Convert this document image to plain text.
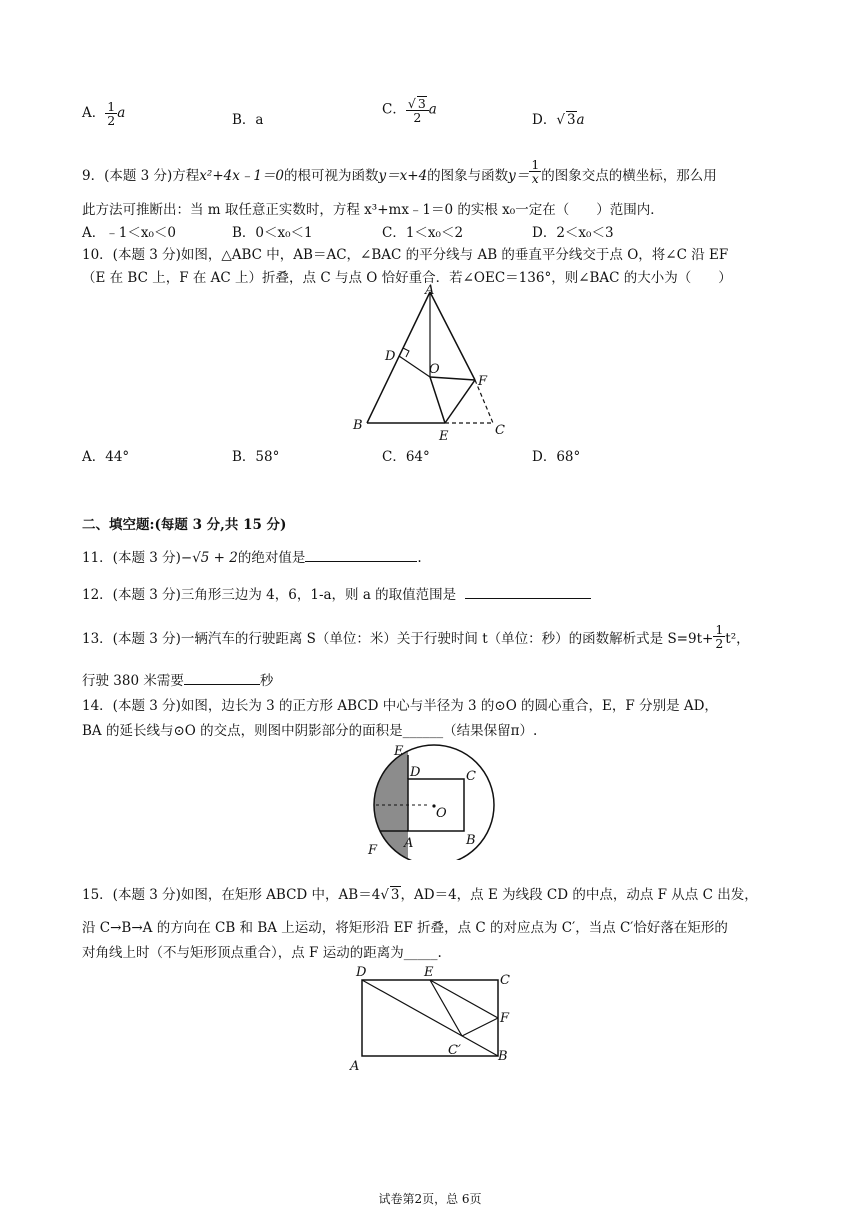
A． $\frac{1}{2}$ a	B．a
C． $\frac{√ 3}{2}$ a
D．√ 3a
9．(本题 3 分)方程x²+4x﹣1＝0的根可视为函数y＝x+4的图象与函数$y= \frac{1}{x}$ 的图象交点的横坐标，那么用
此方法可推断出：当 m 取任意正实数时，方程 x³+mx﹣1＝0 的实根 x₀一定在（　　）范围内．
A．﹣1＜x₀＜0	B．0＜x₀＜1	C．1＜x₀＜2	D．2＜x₀＜3
10．(本题 3 分)如图，△ABC 中，AB＝AC，∠BAC 的平分线与 AB 的垂直平分线交于点 O，将∠C 沿 EF
（E 在 BC 上，F 在 AC 上）折叠，点 C 与点 O 恰好重合．若∠OEC＝136°，则∠BAC 的大小为（　　）
A
B	C
D
E
F
O
A．44°	B．58°	C．64°	D．68°
二、填空题:(每题 3 分,共 15 分)
11．(本题 3 分)−√5 + 2的绝对值是	.
12．(本题 3 分)三角形三边为 4，6，1-a，则 a 的取值范围是
13．(本题 3 分)一辆汽车的行驶距离 S（单位：米）关于行驶时间 t（单位：秒）的函数解析式是 $S=9t+ \frac{1}{2} t^2$，
行驶 380 米需要	秒
14．(本题 3 分)如图，边长为 3 的正方形 ABCD 中心与半径为 3 的⊙O 的圆心重合，E，F 分别是 AD，
BA 的延长线与⊙O 的交点，则图中阴影部分的面积是______（结果保留π）.
E
D	C
O
A	B
F
15．(本题 3 分)如图，在矩形 ABCD 中，AB＝4√ 3，AD＝4，点 E 为线段 CD 的中点，动点 F 从点 C 出发，
沿 C→B→A 的方向在 CB 和 BA 上运动，将矩形沿 EF 折叠，点 C 的对应点为 C′，当点 C′恰好落在矩形的
对角线上时（不与矩形顶点重合），点 F 运动的距离为_____.
D	E
C
F
C′	B
A
试卷第2页，总 6页
